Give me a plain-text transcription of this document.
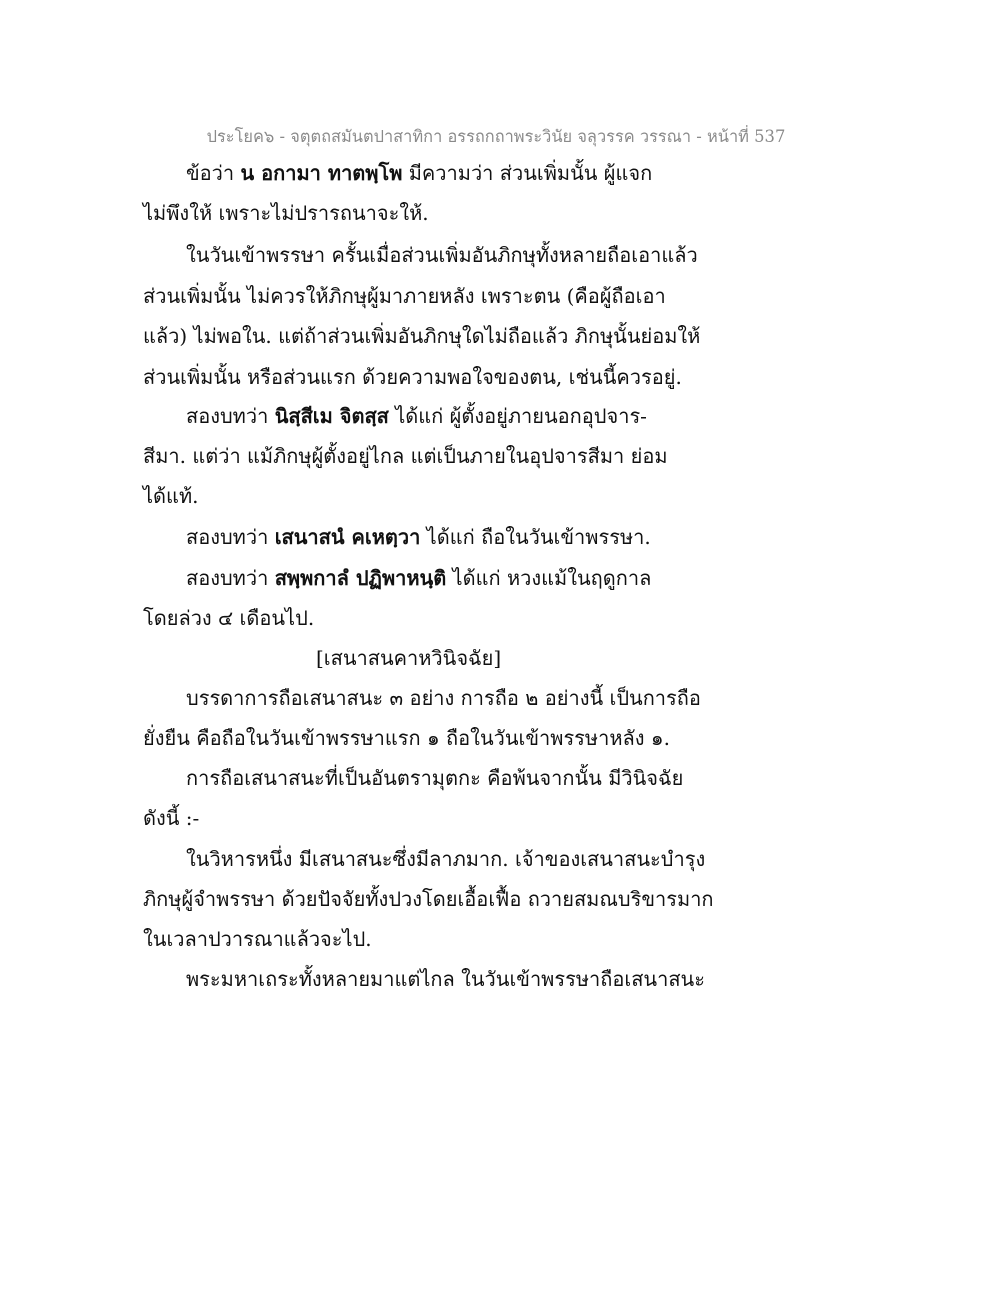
ประโยค๖ - จตุตถสมันตปาสาทิกา อรรถกถาพระวินัย จลุวรรค วรรณา - หน้าที่ 537
ข้อว่า น อกามา ทาตพฺโพ มีความว่า ส่วนเพิ่มนั้น ผู้แจก
ไม่พึงให้ เพราะไม่ปรารถนาจะให้.
ในวันเข้าพรรษา ครั้นเมื่อส่วนเพิ่มอันภิกษุทั้งหลายถือเอาแล้ว
ส่วนเพิ่มนั้น ไม่ควรให้ภิกษุผู้มาภายหลัง เพราะตน (คือผู้ถือเอา
แล้ว) ไม่พอใน. แต่ถ้าส่วนเพิ่มอันภิกษุใดไม่ถือแล้ว ภิกษุนั้นย่อมให้
ส่วนเพิ่มนั้น หรือส่วนแรก ด้วยความพอใจของตน, เช่นนี้ควรอยู่.
สองบทว่า นิสฺสีเม จิตสฺส ได้แก่ ผู้ตั้งอยู่ภายนอกอุปจาร-
สีมา. แต่ว่า แม้ภิกษุผู้ตั้งอยู่ไกล แต่เป็นภายในอุปจารสีมา ย่อม
ได้แท้.
สองบทว่า เสนาสนํ คเหตฺวา ได้แก่ ถือในวันเข้าพรรษา.
สองบทว่า สพฺพกาลํ ปฏิพาหนฺติ ได้แก่ หวงแม้ในฤดูกาล
โดยล่วง ๔ เดือนไป.
[เสนาสนคาหวินิจฉัย]
บรรดาการถือเสนาสนะ ๓ อย่าง การถือ ๒ อย่างนี้ เป็นการถือ
ยั่งยืน คือถือในวันเข้าพรรษาแรก ๑ ถือในวันเข้าพรรษาหลัง ๑.
การถือเสนาสนะที่เป็นอันตรามุตกะ คือพ้นจากนั้น มีวินิจฉัย
ดังนี้ :-
ในวิหารหนึ่ง มีเสนาสนะซึ่งมีลาภมาก. เจ้าของเสนาสนะบำรุง
ภิกษุผู้จำพรรษา ด้วยปัจจัยทั้งปวงโดยเอื้อเฟื้อ ถวายสมณบริขารมาก
ในเวลาปวารณาแล้วจะไป.
พระมหาเถระทั้งหลายมาแต่ไกล ในวันเข้าพรรษาถือเสนาสนะ
